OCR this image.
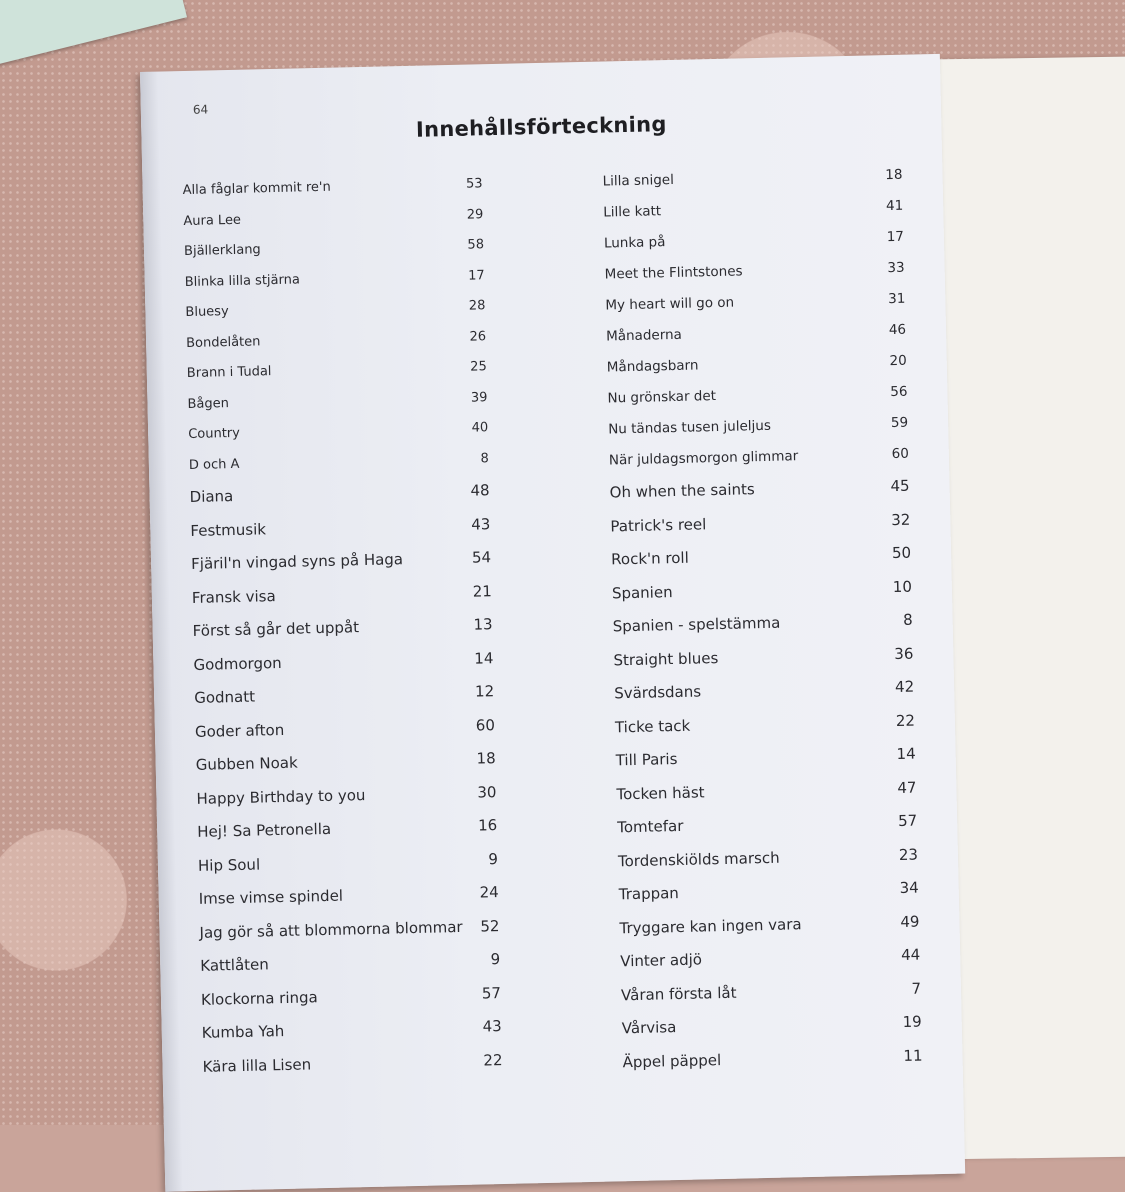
64
Innehållsförteckning
Alla fåglar kommit re'n	53
Aura Lee	29
Bjällerklang	58
Blinka lilla stjärna	17
Bluesy	28
Bondelåten	26
Brann i Tudal	25
Bågen	39
Country	40
D och A	8
Diana	48
Festmusik	43
Fjäril'n vingad syns på Haga	54
Fransk visa	21
Först så går det uppåt	13
Godmorgon	14
Godnatt	12
Goder afton	60
Gubben Noak	18
Happy Birthday to you	30
Hej! Sa Petronella	16
Hip Soul	9
Imse vimse spindel	24
Jag gör så att blommorna blommar	52
Kattlåten	9
Klockorna ringa	57
Kumba Yah	43
Kära lilla Lisen	22
Lilla snigel	18
Lille katt	41
Lunka på	17
Meet the Flintstones	33
My heart will go on	31
Månaderna	46
Måndagsbarn	20
Nu grönskar det	56
Nu tändas tusen juleljus	59
När juldagsmorgon glimmar	60
Oh when the saints	45
Patrick's reel	32
Rock'n roll	50
Spanien	10
Spanien - spelstämma	8
Straight blues	36
Svärdsdans	42
Ticke tack	22
Till Paris	14
Tocken häst	47
Tomtefar	57
Tordenskiölds marsch	23
Trappan	34
Tryggare kan ingen vara	49
Vinter adjö	44
Våran första låt	7
Vårvisa	19
Äppel päppel	11
